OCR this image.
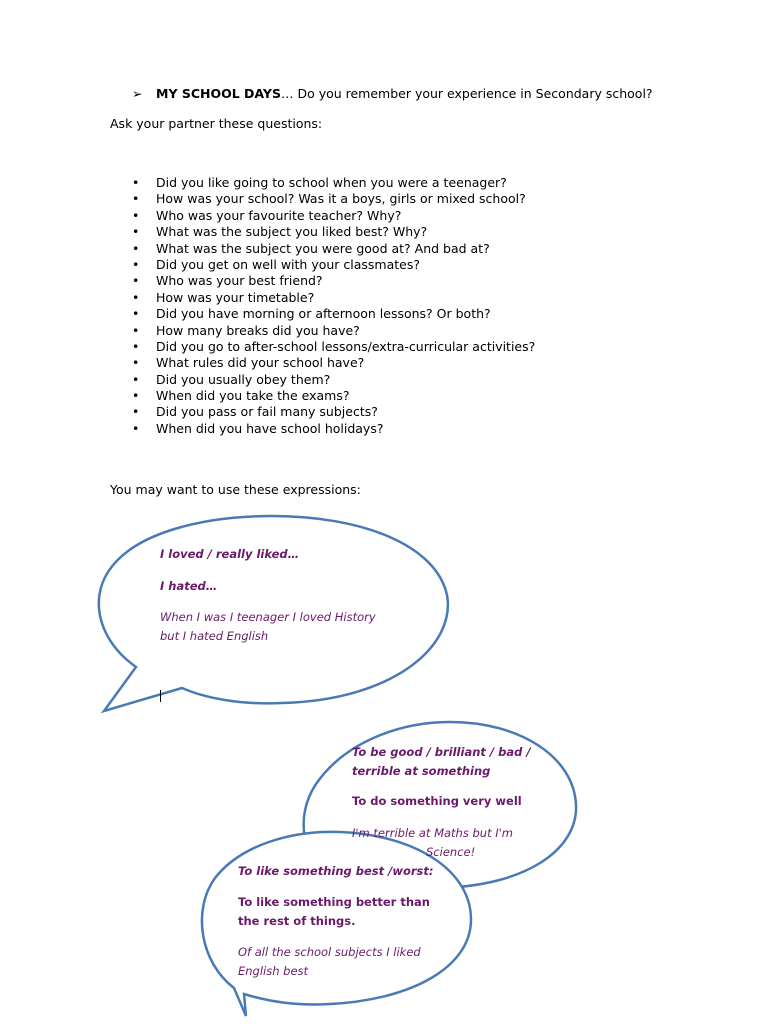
➢ MY SCHOOL DAYS… Do you remember your experience in Secondary school?
Ask your partner these questions:
• Did you like going to school when you were a teenager?
• How was your school? Was it a boys, girls or mixed school?
• Who was your favourite teacher? Why?
• What was the subject you liked best? Why?
• What was the subject you were good at? And bad at?
• Did you get on well with your classmates?
• Who was your best friend?
• How was your timetable?
• Did you have morning or afternoon lessons? Or both?
• How many breaks did you have?
• Did you go to after-school lessons/extra-curricular activities?
• What rules did your school have?
• Did you usually obey them?
• When did you take the exams?
• Did you pass or fail many subjects?
• When did you have school holidays?
You may want to use these expressions:
I loved / really liked…
I hated…
When I was I teenager I loved History
but I hated English
To be good / brilliant / bad /
terrible at something
To do something very well
I'm terrible at Maths but I'm
Science!
To like something best /worst:
To like something better than
the rest of things.
Of all the school subjects I liked
English best
